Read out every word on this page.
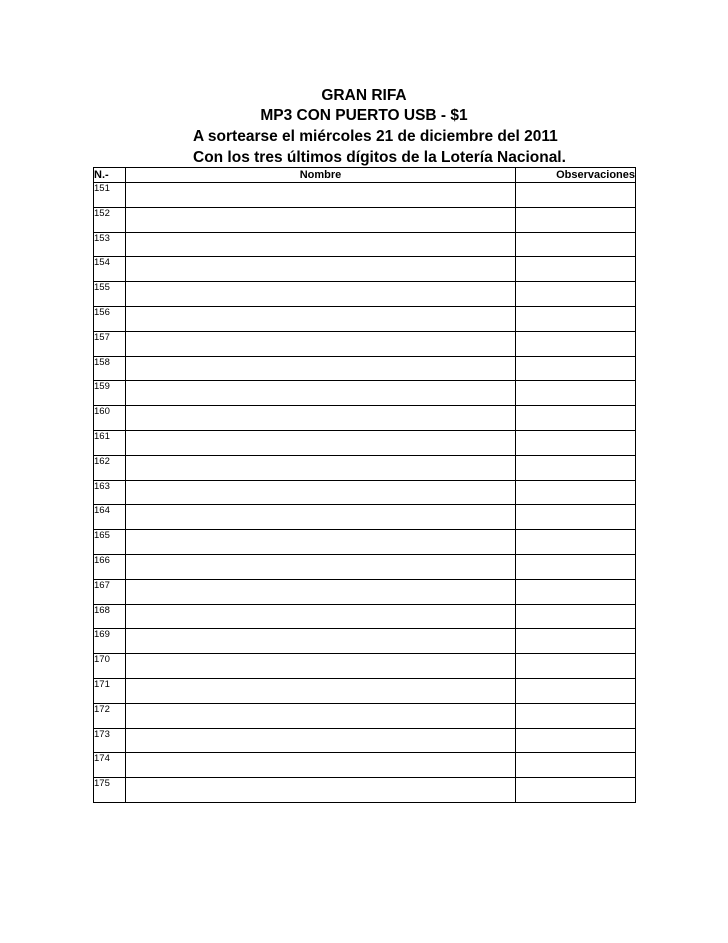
GRAN RIFA
MP3 CON PUERTO USB - $1
A sortearse el miércoles 21 de diciembre del 2011
Con los tres últimos dígitos de la Lotería Nacional.
N.-	Nombre	Observaciones
151		
152		
153		
154		
155		
156		
157		
158		
159		
160		
161		
162		
163		
164		
165		
166		
167		
168		
169		
170		
171		
172		
173		
174		
175		
